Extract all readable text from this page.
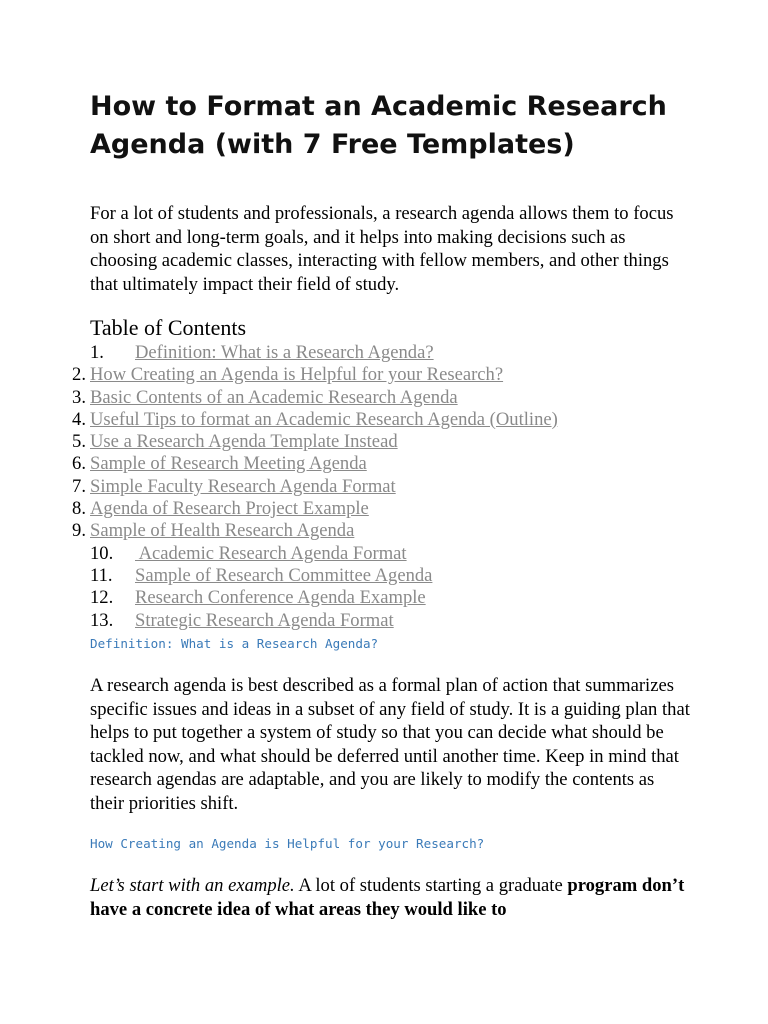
How to Format an Academic Research Agenda (with 7 Free Templates)

For a lot of students and professionals, a research agenda allows them to focus on short and long-term goals, and it helps into making decisions such as choosing academic classes, interacting with fellow members, and other things that ultimately impact their field of study.

Table of Contents
1. Definition: What is a Research Agenda?
2. How Creating an Agenda is Helpful for your Research?
3. Basic Contents of an Academic Research Agenda
4. Useful Tips to format an Academic Research Agenda (Outline)
5. Use a Research Agenda Template Instead
6. Sample of Research Meeting Agenda
7. Simple Faculty Research Agenda Format
8. Agenda of Research Project Example
9. Sample of Health Research Agenda
10. Academic Research Agenda Format
11. Sample of Research Committee Agenda
12. Research Conference Agenda Example
13. Strategic Research Agenda Format
Definition: What is a Research Agenda?

A research agenda is best described as a formal plan of action that summarizes specific issues and ideas in a subset of any field of study. It is a guiding plan that helps to put together a system of study so that you can decide what should be tackled now, and what should be deferred until another time. Keep in mind that research agendas are adaptable, and you are likely to modify the contents as their priorities shift.

How Creating an Agenda is Helpful for your Research?

Let’s start with an example. A lot of students starting a graduate program don’t have a concrete idea of what areas they would like to
